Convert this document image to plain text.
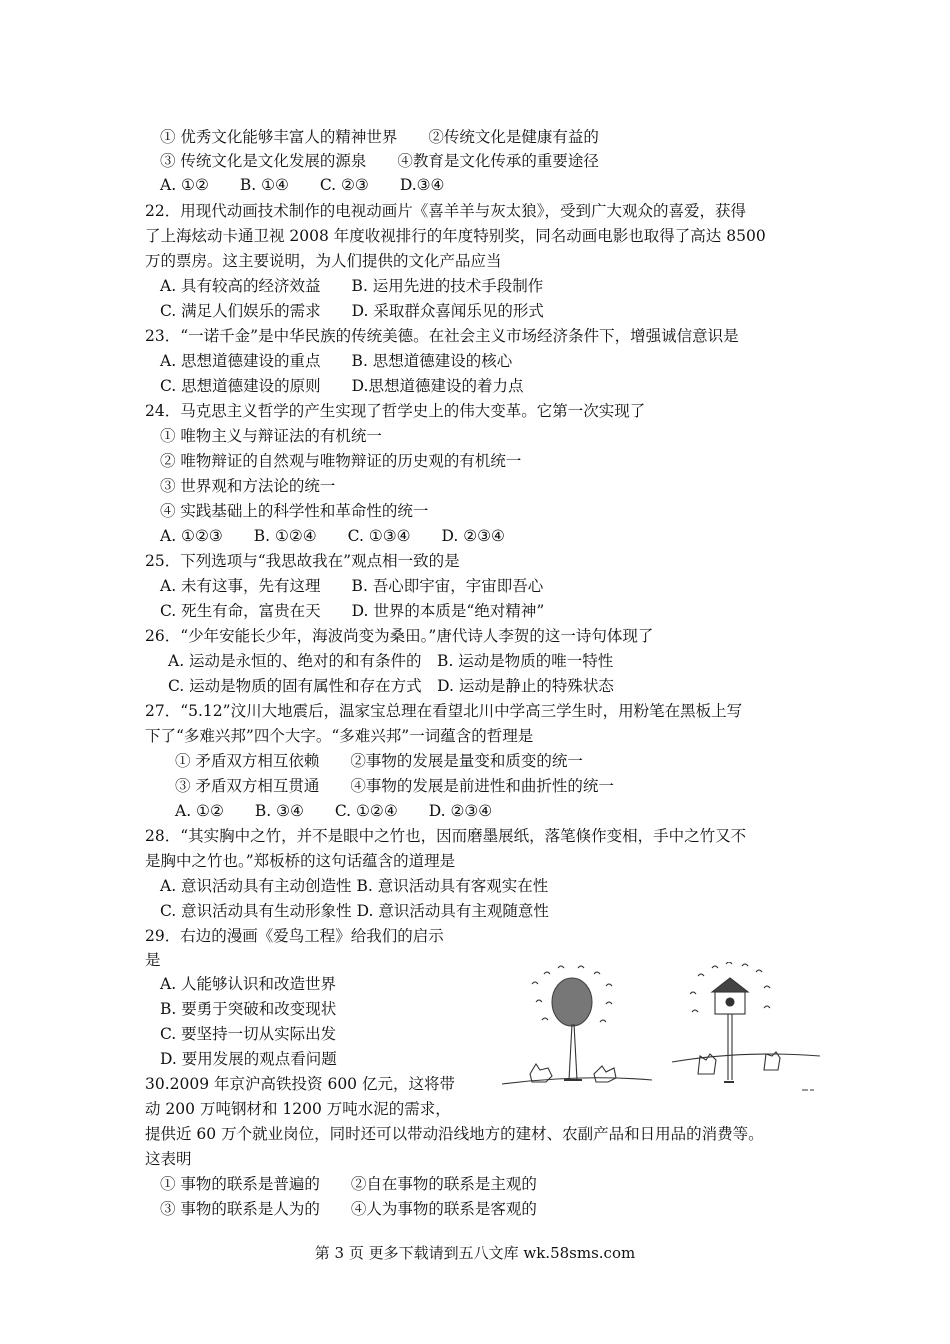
① 优秀文化能够丰富人的精神世界　　②传统文化是健康有益的
③ 传统文化是文化发展的源泉　　④教育是文化传承的重要途径
A. ①②　　B. ①④　　C. ②③　　D.③④
22．用现代动画技术制作的电视动画片《喜羊羊与灰太狼》，受到广大观众的喜爱，获得
了上海炫动卡通卫视 2008 年度收视排行的年度特别奖，同名动画电影也取得了高达 8500
万的票房。这主要说明，为人们提供的文化产品应当
A. 具有较高的经济效益　　B. 运用先进的技术手段制作
C. 满足人们娱乐的需求　　D. 采取群众喜闻乐见的形式
23．“一诺千金”是中华民族的传统美德。在社会主义市场经济条件下，增强诚信意识是
A. 思想道德建设的重点　　B. 思想道德建设的核心
C. 思想道德建设的原则　　D.思想道德建设的着力点
24．马克思主义哲学的产生实现了哲学史上的伟大变革。它第一次实现了
① 唯物主义与辩证法的有机统一
② 唯物辩证的自然观与唯物辩证的历史观的有机统一
③ 世界观和方法论的统一
④ 实践基础上的科学性和革命性的统一
A. ①②③　　B. ①②④　　C. ①③④　　D. ②③④
25．下列选项与“我思故我在”观点相一致的是
A. 未有这事，先有这理　　B. 吾心即宇宙，宇宙即吾心
C. 死生有命，富贵在天　　D. 世界的本质是“绝对精神”
26．“少年安能长少年，海波尚变为桑田。”唐代诗人李贺的这一诗句体现了
A. 运动是永恒的、绝对的和有条件的　B. 运动是物质的唯一特性
C. 运动是物质的固有属性和存在方式　D. 运动是静止的特殊状态
27．“5.12”汶川大地震后，温家宝总理在看望北川中学高三学生时，用粉笔在黑板上写
下了“多难兴邦”四个大字。“多难兴邦”一词蕴含的哲理是
① 矛盾双方相互依赖　　②事物的发展是量变和质变的统一
③ 矛盾双方相互贯通　　④事物的发展是前进性和曲折性的统一
A. ①②　　B. ③④　　C. ①②④　　D. ②③④
28．“其实胸中之竹，并不是眼中之竹也，因而磨墨展纸，落笔倏作变相，手中之竹又不
是胸中之竹也。”郑板桥的这句话蕴含的道理是
A. 意识活动具有主动创造性 B. 意识活动具有客观实在性
C. 意识活动具有生动形象性 D. 意识活动具有主观随意性
29．右边的漫画《爱鸟工程》给我们的启示
是
A. 人能够认识和改造世界
B. 要勇于突破和改变现状
C. 要坚持一切从实际出发
D. 要用发展的观点看问题
30.2009 年京沪高铁投资 600 亿元，这将带
动 200 万吨钢材和 1200 万吨水泥的需求，
提供近 60 万个就业岗位，同时还可以带动沿线地方的建材、农副产品和日用品的消费等。
这表明
① 事物的联系是普遍的　　②自在事物的联系是主观的
③ 事物的联系是人为的　　④人为事物的联系是客观的
第 3 页 更多下载请到五八文库 wk.58sms.com
